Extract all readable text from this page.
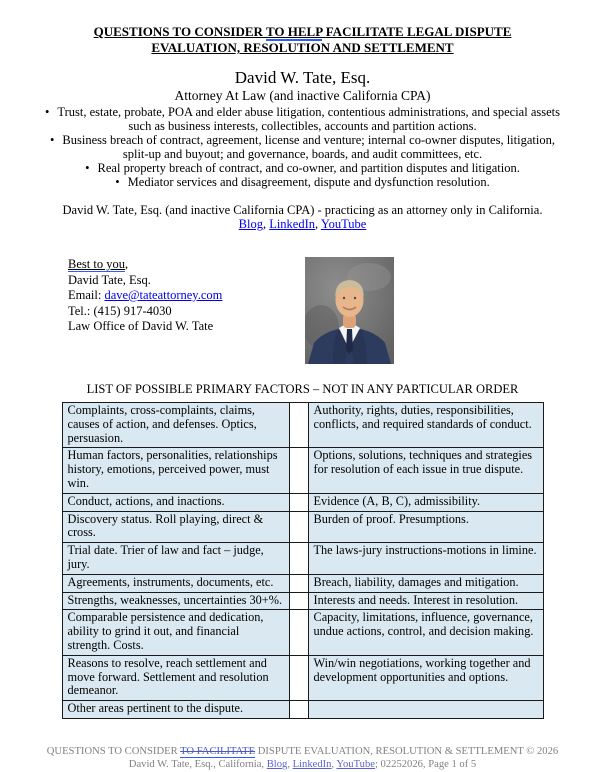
QUESTIONS TO CONSIDER TO HELP FACILITATE LEGAL DISPUTE
EVALUATION, RESOLUTION AND SETTLEMENT
David W. Tate, Esq.
Attorney At Law (and inactive California CPA)
• Trust, estate, probate, POA and elder abuse litigation, contentious administrations, and special assets such as business interests, collectibles, accounts and partition actions.
• Business breach of contract, agreement, license and venture; internal co-owner disputes, litigation, split-up and buyout; and governance, boards, and audit committees, etc.
• Real property breach of contract, and co-owner, and partition disputes and litigation.
• Mediator services and disagreement, dispute and dysfunction resolution.
David W. Tate, Esq. (and inactive California CPA) - practicing as an attorney only in California.
Blog, LinkedIn, YouTube
Best to you,
David Tate, Esq.
Email: dave@tateattorney.com
Tel.: (415) 917-4030
Law Office of David W. Tate
LIST OF POSSIBLE PRIMARY FACTORS – NOT IN ANY PARTICULAR ORDER
Complaints, cross-complaints, claims, causes of action, and defenses. Optics, persuasion.		Authority, rights, duties, responsibilities, conflicts, and required standards of conduct.
Human factors, personalities, relationships history, emotions, perceived power, must win.		Options, solutions, techniques and strategies for resolution of each issue in true dispute.
Conduct, actions, and inactions.		Evidence (A, B, C), admissibility.
Discovery status. Roll playing, direct & cross.		Burden of proof. Presumptions.
Trial date. Trier of law and fact – judge, jury.		The laws-jury instructions-motions in limine.
Agreements, instruments, documents, etc.		Breach, liability, damages and mitigation.
Strengths, weaknesses, uncertainties 30+%.		Interests and needs. Interest in resolution.
Comparable persistence and dedication, ability to grind it out, and financial strength. Costs.		Capacity, limitations, influence, governance, undue actions, control, and decision making.
Reasons to resolve, reach settlement and move forward. Settlement and resolution demeanor.		Win/win negotiations, working together and development opportunities and options.
Other areas pertinent to the dispute.		
QUESTIONS TO CONSIDER TO FACILITATE DISPUTE EVALUATION, RESOLUTION & SETTLEMENT © 2026
David W. Tate, Esq., California, Blog, LinkedIn, YouTube; 02252026, Page 1 of 5
